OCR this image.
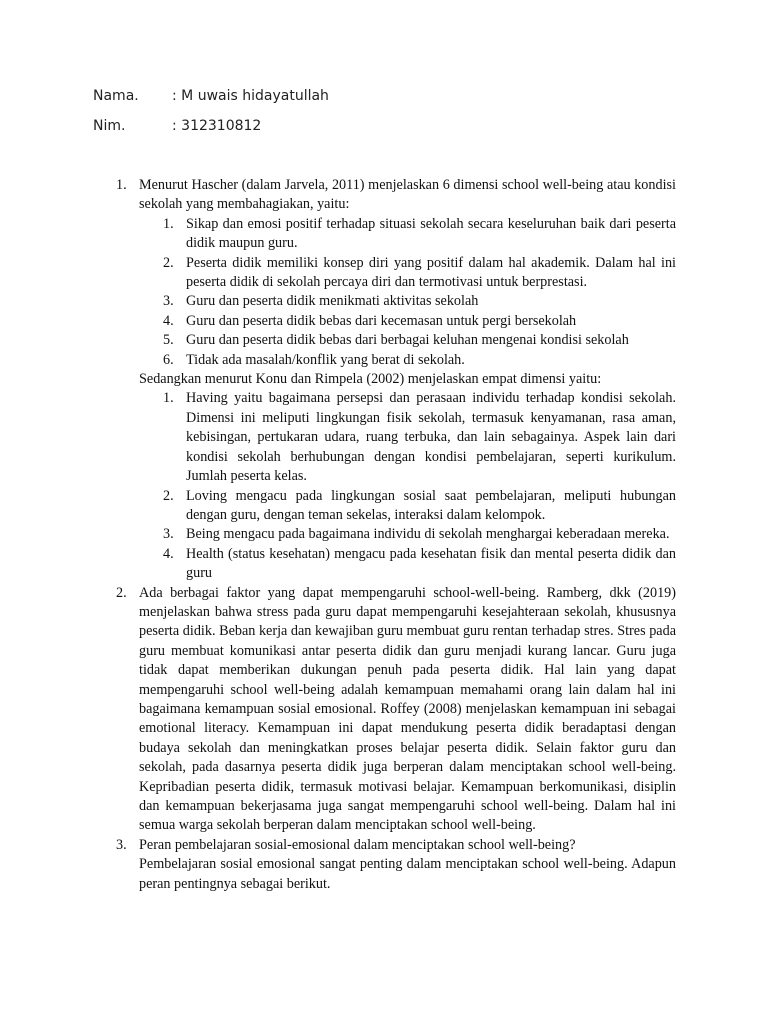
Nama. : M uwais hidayatullah
Nim.	: 312310812
1. Menurut Hascher (dalam Jarvela, 2011) menjelaskan 6 dimensi school well-being atau kondisi sekolah yang membahagiakan, yaitu:
1. Sikap dan emosi positif terhadap situasi sekolah secara keseluruhan baik dari peserta didik maupun guru.
2. Peserta didik memiliki konsep diri yang positif dalam hal akademik. Dalam hal ini peserta didik di sekolah percaya diri dan termotivasi untuk berprestasi.
3. Guru dan peserta didik menikmati aktivitas sekolah
4. Guru dan peserta didik bebas dari kecemasan untuk pergi bersekolah
5. Guru dan peserta didik bebas dari berbagai keluhan mengenai kondisi sekolah
6. Tidak ada masalah/konflik yang berat di sekolah.
Sedangkan menurut Konu dan Rimpela (2002) menjelaskan empat dimensi yaitu:
1. Having yaitu bagaimana persepsi dan perasaan individu terhadap kondisi sekolah. Dimensi ini meliputi lingkungan fisik sekolah, termasuk kenyamanan, rasa aman, kebisingan, pertukaran udara, ruang terbuka, dan lain sebagainya. Aspek lain dari kondisi sekolah berhubungan dengan kondisi pembelajaran, seperti kurikulum. Jumlah peserta kelas.
2. Loving mengacu pada lingkungan sosial saat pembelajaran, meliputi hubungan dengan guru, dengan teman sekelas, interaksi dalam kelompok.
3. Being mengacu pada bagaimana individu di sekolah menghargai keberadaan mereka.
4. Health (status kesehatan) mengacu pada kesehatan fisik dan mental peserta didik dan guru
2. Ada berbagai faktor yang dapat mempengaruhi school-well-being. Ramberg, dkk (2019) menjelaskan bahwa stress pada guru dapat mempengaruhi kesejahteraan sekolah, khususnya peserta didik. Beban kerja dan kewajiban guru membuat guru rentan terhadap stres. Stres pada guru membuat komunikasi antar peserta didik dan guru menjadi kurang lancar. Guru juga tidak dapat memberikan dukungan penuh pada peserta didik. Hal lain yang dapat mempengaruhi school well-being adalah kemampuan memahami orang lain dalam hal ini bagaimana kemampuan sosial emosional. Roffey (2008) menjelaskan kemampuan ini sebagai emotional literacy. Kemampuan ini dapat mendukung peserta didik beradaptasi dengan budaya sekolah dan meningkatkan proses belajar peserta didik. Selain faktor guru dan sekolah, pada dasarnya peserta didik juga berperan dalam menciptakan school well-being. Kepribadian peserta didik, termasuk motivasi belajar. Kemampuan berkomunikasi, disiplin dan kemampuan bekerjasama juga sangat mempengaruhi school well-being. Dalam hal ini semua warga sekolah berperan dalam menciptakan school well-being.
3. Peran pembelajaran sosial-emosional dalam menciptakan school well-being?
Pembelajaran sosial emosional sangat penting dalam menciptakan school well-being. Adapun peran pentingnya sebagai berikut.
